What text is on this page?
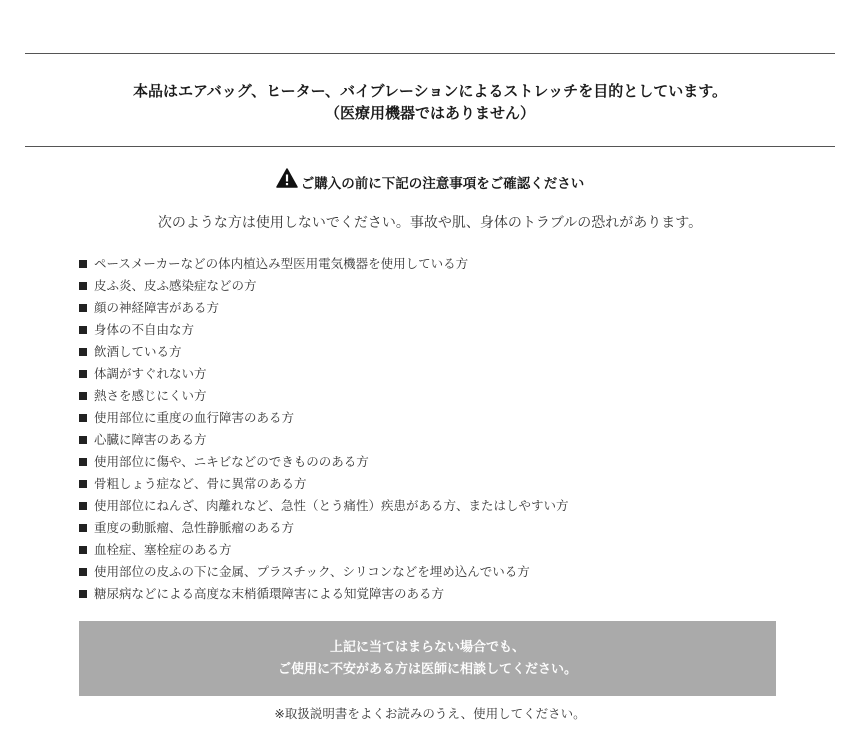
本品はエアバッグ、ヒーター、バイブレーションによるストレッチを目的としています。
（医療用機器ではありません）
ご購入の前に下記の注意事項をご確認ください
次のような方は使用しないでください。事故や肌、身体のトラブルの恐れがあります。
ペースメーカーなどの体内植込み型医用電気機器を使用している方
皮ふ炎、皮ふ感染症などの方
顔の神経障害がある方
身体の不自由な方
飲酒している方
体調がすぐれない方
熱さを感じにくい方
使用部位に重度の血行障害のある方
心臓に障害のある方
使用部位に傷や、ニキビなどのできもののある方
骨粗しょう症など、骨に異常のある方
使用部位にねんざ、肉離れなど、急性（とう痛性）疾患がある方、またはしやすい方
重度の動脈瘤、急性静脈瘤のある方
血栓症、塞栓症のある方
使用部位の皮ふの下に金属、プラスチック、シリコンなどを埋め込んでいる方
糖尿病などによる高度な末梢循環障害による知覚障害のある方
上記に当てはまらない場合でも、
ご使用に不安がある方は医師に相談してください。
※取扱説明書をよくお読みのうえ、使用してください。
